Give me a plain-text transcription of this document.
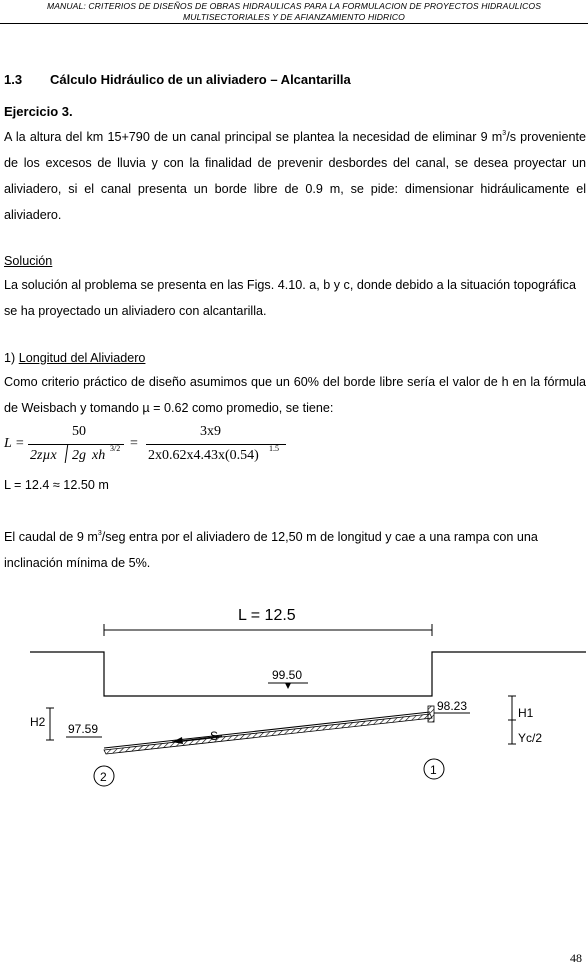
MANUAL: CRITERIOS DE DISEÑOS DE OBRAS HIDRAULICAS PARA LA FORMULACION DE PROYECTOS HIDRAULICOS
MULTISECTORIALES Y DE AFIANZAMIENTO HIDRICO
1.3 Cálculo Hidráulico de un aliviadero – Alcantarilla
Ejercicio 3.
A la altura del km 15+790 de un canal principal se plantea la necesidad de eliminar 9 $m^3/s$ proveniente de los excesos de lluvia y con la finalidad de prevenir desbordes del canal, se desea proyectar un aliviadero, si el canal presenta un borde libre de 0.9 m, se pide: dimensionar hidráulicamente el aliviadero.
Solución
La solución al problema se presenta en las Figs. 4.10. a, b y c, donde debido a la situación topográfica se ha proyectado un aliviadero con alcantarilla.
1) Longitud del Aliviadero
Como criterio práctico de diseño asumimos que un 60% del borde libre sería el valor de h en la fórmula de Weisbach y tomando µ = 0.62 como promedio, se tiene:
L =
50
2zµx 2g xh 3/2 =
3x9
2x0.62x4.43x(0.54) 1.5
L = 12.4 ≈ 12.50 m
El caudal de 9 $m^3$/seg entra por el aliviadero de 12,50 m de longitud y cae a una rampa con una inclinación mínima de 5%.
L = 12.5
99.50
98.23
97.59
H2
S
H1
Yc/2
2	1
48
